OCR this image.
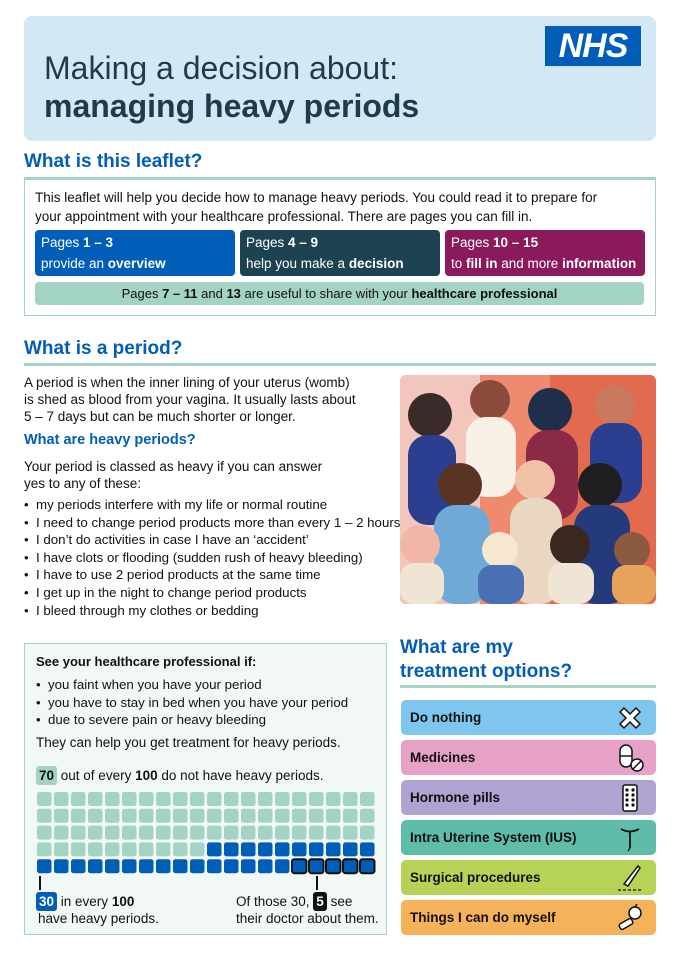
Making a decision about:
managing heavy periods
NHS
What is this leaflet?
This leaflet will help you decide how to manage heavy periods. You could read it to prepare for
your appointment with your healthcare professional. There are pages you can fill in.
Pages 1 – 3
provide an overview
Pages 4 – 9
help you make a decision
Pages 10 – 15
to fill in and more information
Pages 7 – 11 and 13 are useful to share with your healthcare professional
What is a period?
A period is when the inner lining of your uterus (womb)
is shed as blood from your vagina. It usually lasts about
5 – 7 days but can be much shorter or longer.
What are heavy periods?
Your period is classed as heavy if you can answer
yes to any of these:
• my periods interfere with my life or normal routine
• I need to change period products more than every 1 – 2 hours
• I don’t do activities in case I have an ‘accident’
• I have clots or flooding (sudden rush of heavy bleeding)
• I have to use 2 period products at the same time
• I get up in the night to change period products
• I bleed through my clothes or bedding
See your healthcare professional if:
• you faint when you have your period
• you have to stay in bed when you have your period
• due to severe pain or heavy bleeding
They can help you get treatment for heavy periods.
70 out of every 100 do not have heavy periods.
30 in every 100
have heavy periods.
Of those 30, 5 see
their doctor about them.
What are my
treatment options?
Do nothing
Medicines
Hormone pills
Intra Uterine System (IUS)
Surgical procedures
Things I can do myself
